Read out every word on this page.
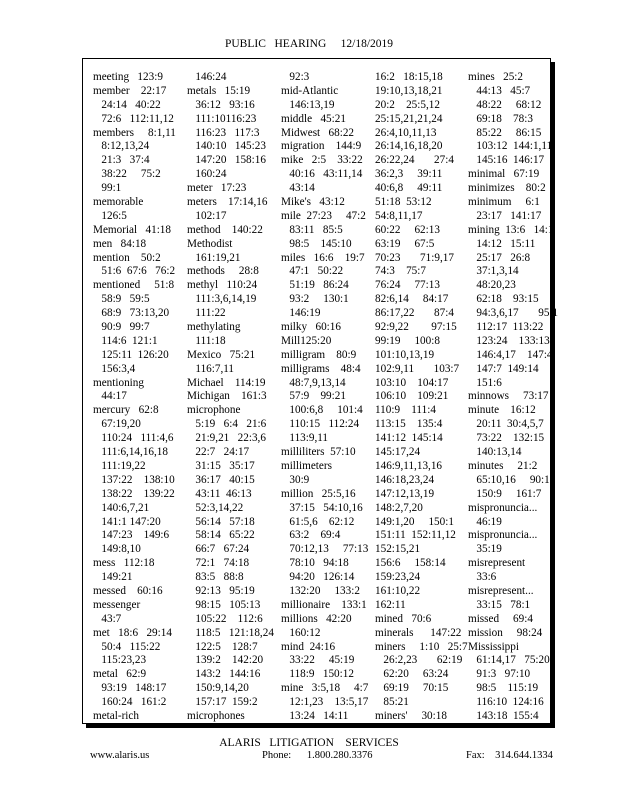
PUBLIC   HEARING     12/18/2019
meeting   123:9
member    22:17
24:14   40:22
72:6   112:11,12
members     8:1,11
8:12,13,24
21:3   37:4
38:22     75:2
99:1
memorable
126:5
Memorial   41:18
men   84:18
mention    50:2
51:6  67:6   76:2
mentioned     51:8
58:9   59:5
68:9   73:13,20
90:9   99:7
114:6  121:1
125:11  126:20
156:3,4
mentioning
44:17
mercury   62:8
67:19,20
110:24   111:4,6
111:6,14,16,18
111:19,22
137:22    138:10
138:22    139:22
140:6,7,21
141:1 147:20
147:23    149:6
149:8,10
mess   112:18
149:21
messed    60:16
messenger
43:7
met   18:6   29:14
50:4   115:22
115:23,23
metal   62:9
93:19   148:17
160:24   161:2
metal-rich
146:24
metals   15:19
36:12   93:16
111:10116:23
116:23   117:3
140:10   145:23
147:20   158:16
160:24
meter   17:23
meters    17:14,16
102:17
method    140:22
Methodist
161:19,21
methods     28:8
methyl   110:24
111:3,6,14,19
111:22
methylating
111:18
Mexico   75:21
116:7,11
Michael    114:19
Michigan    161:3
microphone
5:19   6:4   21:6
21:9,21   22:3,6
22:7   24:17
31:15   35:17
36:17   40:15
43:11  46:13
52:3,14,22
56:14   57:18
58:14   65:22
66:7   67:24
72:1   74:18
83:5   88:8
92:13   95:19
98:15   105:13
105:22    112:6
118:5   121:18,24
122:5    128:7
139:2    142:20
143:2   144:16
150:9,14,20
157:17  159:2
microphones
92:3
mid-Atlantic
146:13,19
middle   45:21
Midwest   68:22
migration    144:9
mike   2:5    33:22
40:16   43:11,14
43:14
Mike's   43:12
mile  27:23     47:2
83:11   85:5
98:5    145:10
miles   16:6    19:7
47:1   50:22
51:19   86:24
93:2     130:1
146:19
milky   60:16
Mill125:20
milligram    80:9
milligrams    48:4
48:7,9,13,14
57:9    99:21
100:6,8     101:4
110:15   112:24
113:9,11
milliliters  57:10
millimeters
30:9
million   25:5,16
37:15   54:10,16
61:5,6    62:12
63:2    69:4
70:12,13     77:13
78:10   94:18
94:20   126:14
132:20     133:2
millionaire    133:1
millions   42:20
160:12
mind  24:16
33:22     45:19
118:9   150:12
mine   3:5,18     4:7
12:1,23    13:5,17
13:24   14:11
16:2   18:15,18
19:10,13,18,21
20:2    25:5,12
25:15,21,21,24
26:4,10,11,13
26:14,16,18,20
26:22,24       27:4
36:2,3     39:11
40:6,8     49:11
51:18  53:12
54:8,11,17
60:22     62:13
63:19     67:5
70:23       71:9,17
74:3    75:7
76:24     77:13
82:6,14     84:17
86:17,22       87:4
92:9,22        97:15
99:19     100:8
101:10,13,19
102:9,11       103:7
103:10    104:17
106:10    109:21
110:9    111:4
113:15    135:4
141:12  145:14
145:17,24
146:9,11,13,16
146:18,23,24
147:12,13,19
148:2,7,20
149:1,20     150:1
151:11  152:11,12
152:15,21
156:6     158:14
159:23,24
161:10,22
162:11
mined   70:6
minerals      147:22
miners     1:10   25:7
26:2,23       62:19
62:20     63:24
69:19     70:15
85:21
miners'     30:18
mines   25:2
44:13   45:7
48:22     68:12
69:18    78:3
85:22     86:15
103:12  144:1,11
145:16  146:17
minimal   67:19
minimizes    80:2
minimum     6:1
23:17   141:17
mining  13:6   14:1
14:12   15:11
25:17   26:8
37:1,3,14
48:20,23
62:18    93:15
94:3,6,17       95:1
112:17  113:22
123:24    133:13
146:4,17    147:4
147:7  149:14
151:6
minnows     73:17
minute    16:12
20:11  30:4,5,7
73:22    132:15
140:13,14
minutes     21:2
65:10,16     90:11
150:9     161:7
mispronuncia...
46:19
mispronuncia...
35:19
misrepresent
33:6
misrepresent...
33:15   78:1
missed     69:4
mission     98:24
Mississippi
61:14,17   75:20
91:3   97:10
98:5    115:19
116:10  124:16
143:18  155:4
ALARIS   LITIGATION    SERVICES
www.alaris.us	Phone:      1.800.280.3376	Fax:    314.644.1334
